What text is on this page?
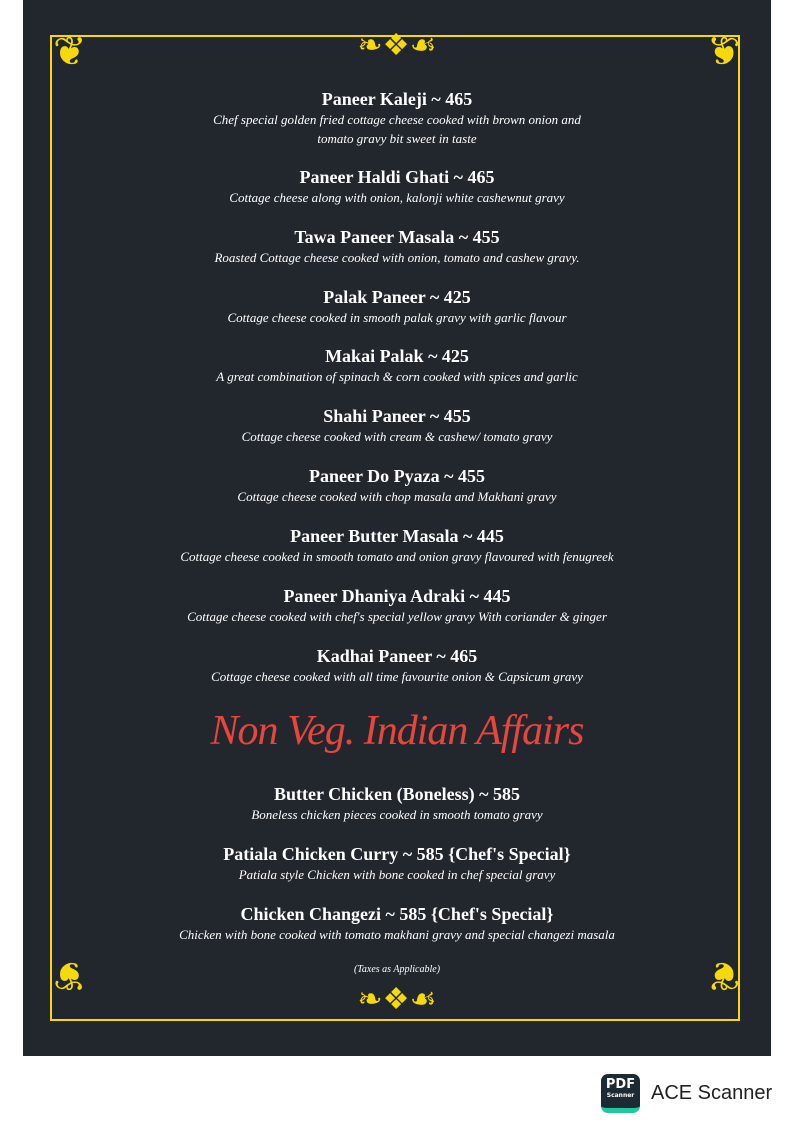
❦	❦
❦	❦
❧❖☙
❧❖☙
Paneer Kaleji ~ 465
Chef special golden fried cottage cheese cooked with brown onion and
tomato gravy bit sweet in taste
Paneer Haldi Ghati ~ 465
Cottage cheese along with onion, kalonji white cashewnut gravy
Tawa Paneer Masala ~ 455
Roasted Cottage cheese cooked with onion, tomato and cashew gravy.
Palak Paneer ~ 425
Cottage cheese cooked in smooth palak gravy with garlic flavour
Makai Palak ~ 425
A great combination of spinach & corn cooked with spices and garlic
Shahi Paneer ~ 455
Cottage cheese cooked with cream & cashew/ tomato gravy
Paneer Do Pyaza ~ 455
Cottage cheese cooked with chop masala and Makhani gravy
Paneer Butter Masala ~ 445
Cottage cheese cooked in smooth tomato and onion gravy flavoured with fenugreek
Paneer Dhaniya Adraki ~ 445
Cottage cheese cooked with chef's special yellow gravy With coriander & ginger
Kadhai Paneer ~ 465
Cottage cheese cooked with all time favourite onion & Capsicum gravy
Butter Chicken (Boneless) ~ 585
Boneless chicken pieces cooked in smooth tomato gravy
Patiala Chicken Curry ~ 585 {Chef's Special}
Patiala style Chicken with bone cooked in chef special gravy
Chicken Changezi ~ 585 {Chef's Special}
Chicken with bone cooked with tomato makhani gravy and special changezi masala
Non Veg. Indian Affairs
(Taxes as Applicable)
PDF
Scanner ACE Scanner
